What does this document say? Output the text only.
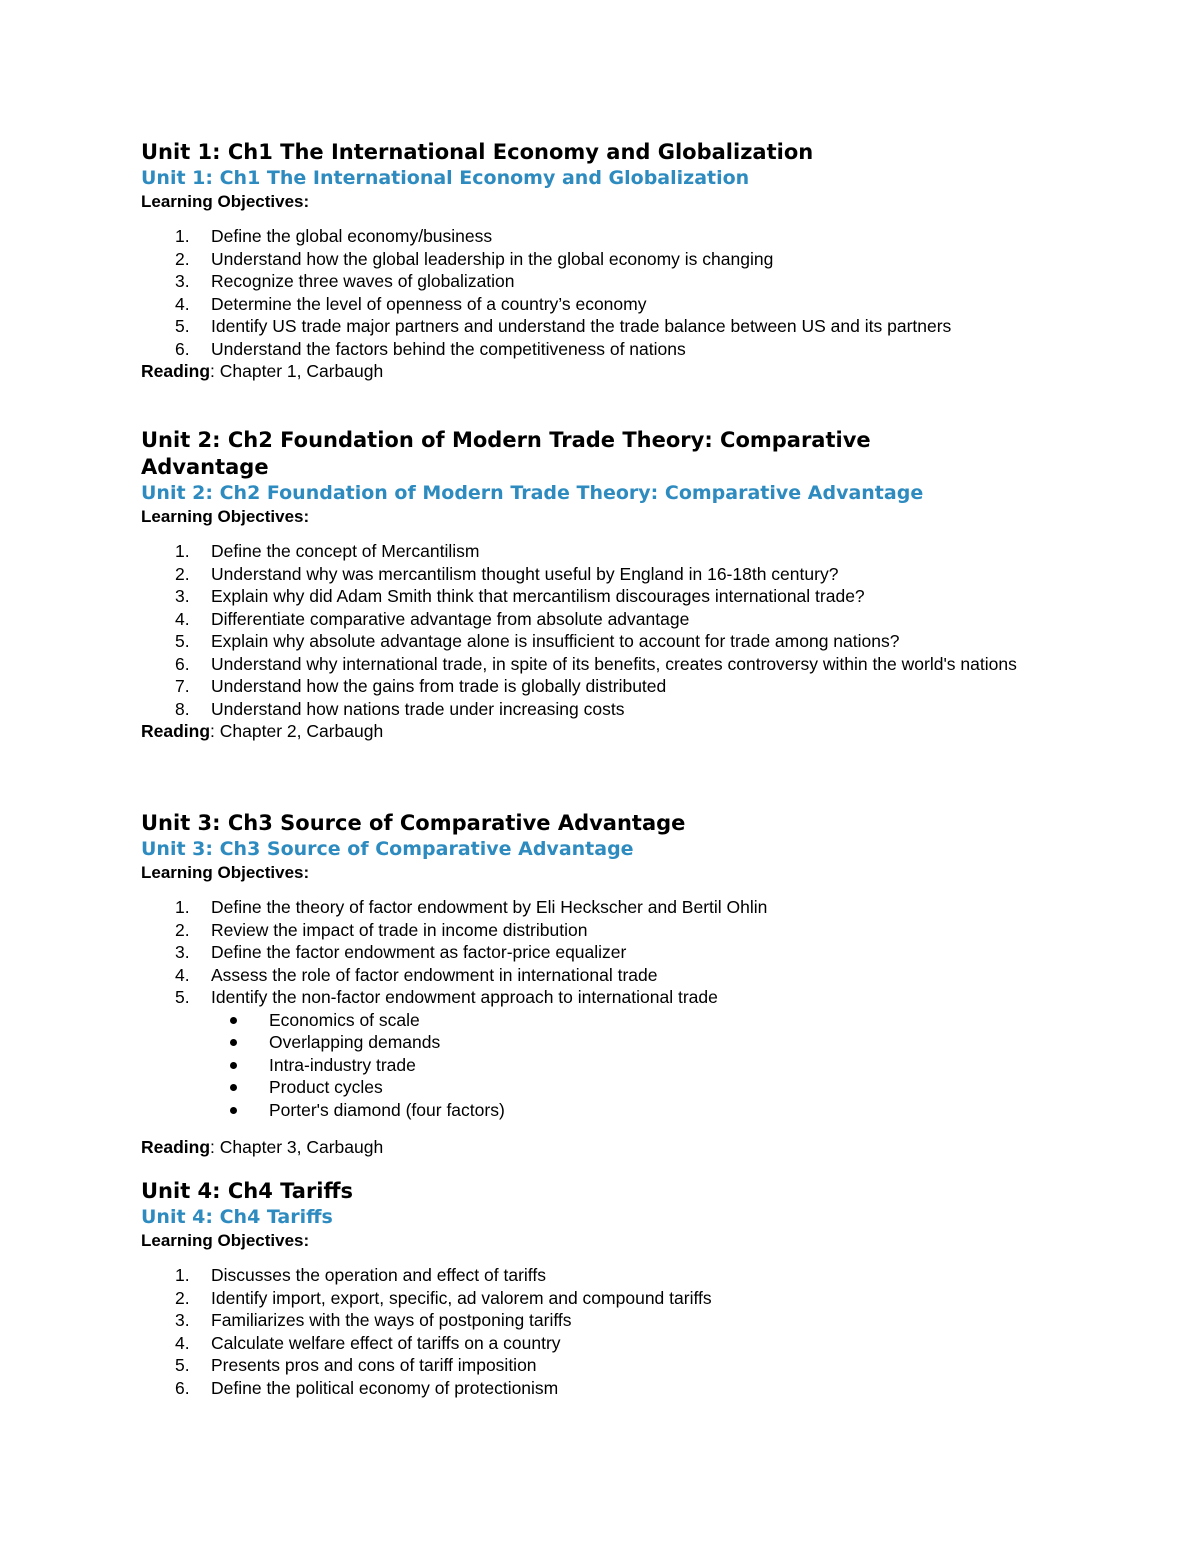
Unit 1: Ch1 The International Economy and Globalization
Unit 1: Ch1 The International Economy and Globalization

Learning Objectives:

1.	Define the global economy/business
2.	Understand how the global leadership in the global economy is changing
3.	Recognize three waves of globalization
4.	Determine the level of openness of a country’s economy
5.	Identify US trade major partners and understand the trade balance between US and its partners
6.	Understand the factors behind the competitiveness of nations

Reading: Chapter 1, Carbaugh

Unit 2: Ch2 Foundation of Modern Trade Theory: Comparative Advantage
Unit 2: Ch2 Foundation of Modern Trade Theory: Comparative Advantage

Learning Objectives:

1.	Define the concept of Mercantilism
2.	Understand why was mercantilism thought useful by England in 16-18th century?
3.	Explain why did Adam Smith think that mercantilism discourages international trade?
4.	Differentiate comparative advantage from absolute advantage
5.	Explain why absolute advantage alone is insufficient to account for trade among nations?
6.	Understand why international trade, in spite of its benefits, creates controversy within the world's nations
7.	Understand how the gains from trade is globally distributed
8.	Understand how nations trade under increasing costs

Reading: Chapter 2, Carbaugh

Unit 3: Ch3 Source of Comparative Advantage
Unit 3: Ch3 Source of Comparative Advantage

Learning Objectives:

1.	Define the theory of factor endowment by Eli Heckscher and Bertil Ohlin
2.	Review the impact of trade in income distribution
3.	Define the factor endowment as factor-price equalizer
4.	Assess the role of factor endowment in international trade
5.	Identify the non-factor endowment approach to international trade
Economics of scale
Overlapping demands
Intra-industry trade
Product cycles
Porter's diamond (four factors)

Reading: Chapter 3, Carbaugh

Unit 4: Ch4 Tariffs
Unit 4: Ch4 Tariffs

Learning Objectives:

1.	Discusses the operation and effect of tariffs
2.	Identify import, export, specific, ad valorem and compound tariffs
3.	Familiarizes with the ways of postponing tariffs
4.	Calculate welfare effect of tariffs on a country
5.	Presents pros and cons of tariff imposition
6.	Define the political economy of protectionism
